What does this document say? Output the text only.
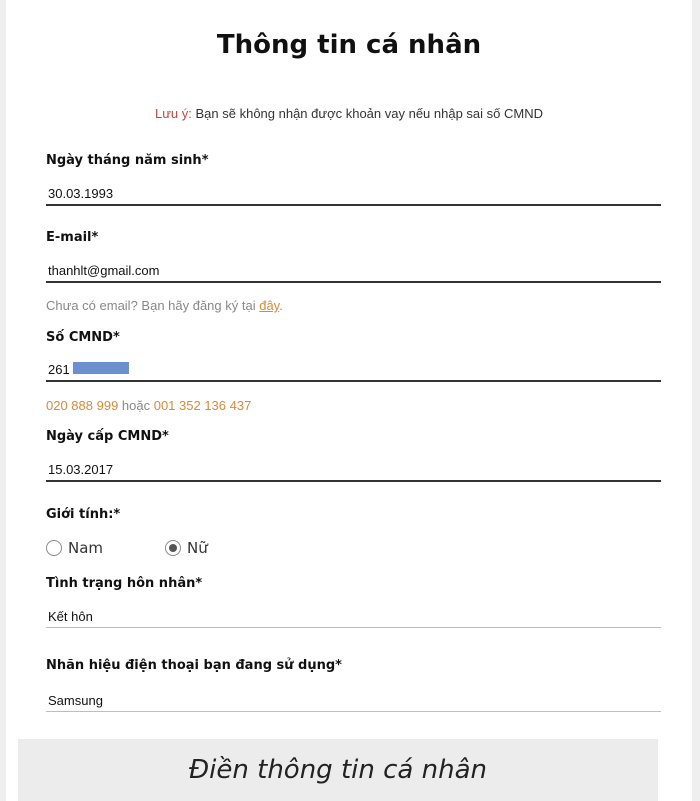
Thông tin cá nhân
Lưu ý: Bạn sẽ không nhận được khoản vay nếu nhập sai số CMND
Ngày tháng năm sinh*
30.03.1993
E-mail*
thanhlt@gmail.com
Chưa có email? Bạn hãy đăng ký tại đây.
Số CMND*
261
020 888 999 hoặc 001 352 136 437
Ngày cấp CMND*
15.03.2017
Giới tính:*
Nam	Nữ
Tình trạng hôn nhân*
Kết hôn
Nhãn hiệu điện thoại bạn đang sử dụng*
Samsung
Điền thông tin cá nhân
